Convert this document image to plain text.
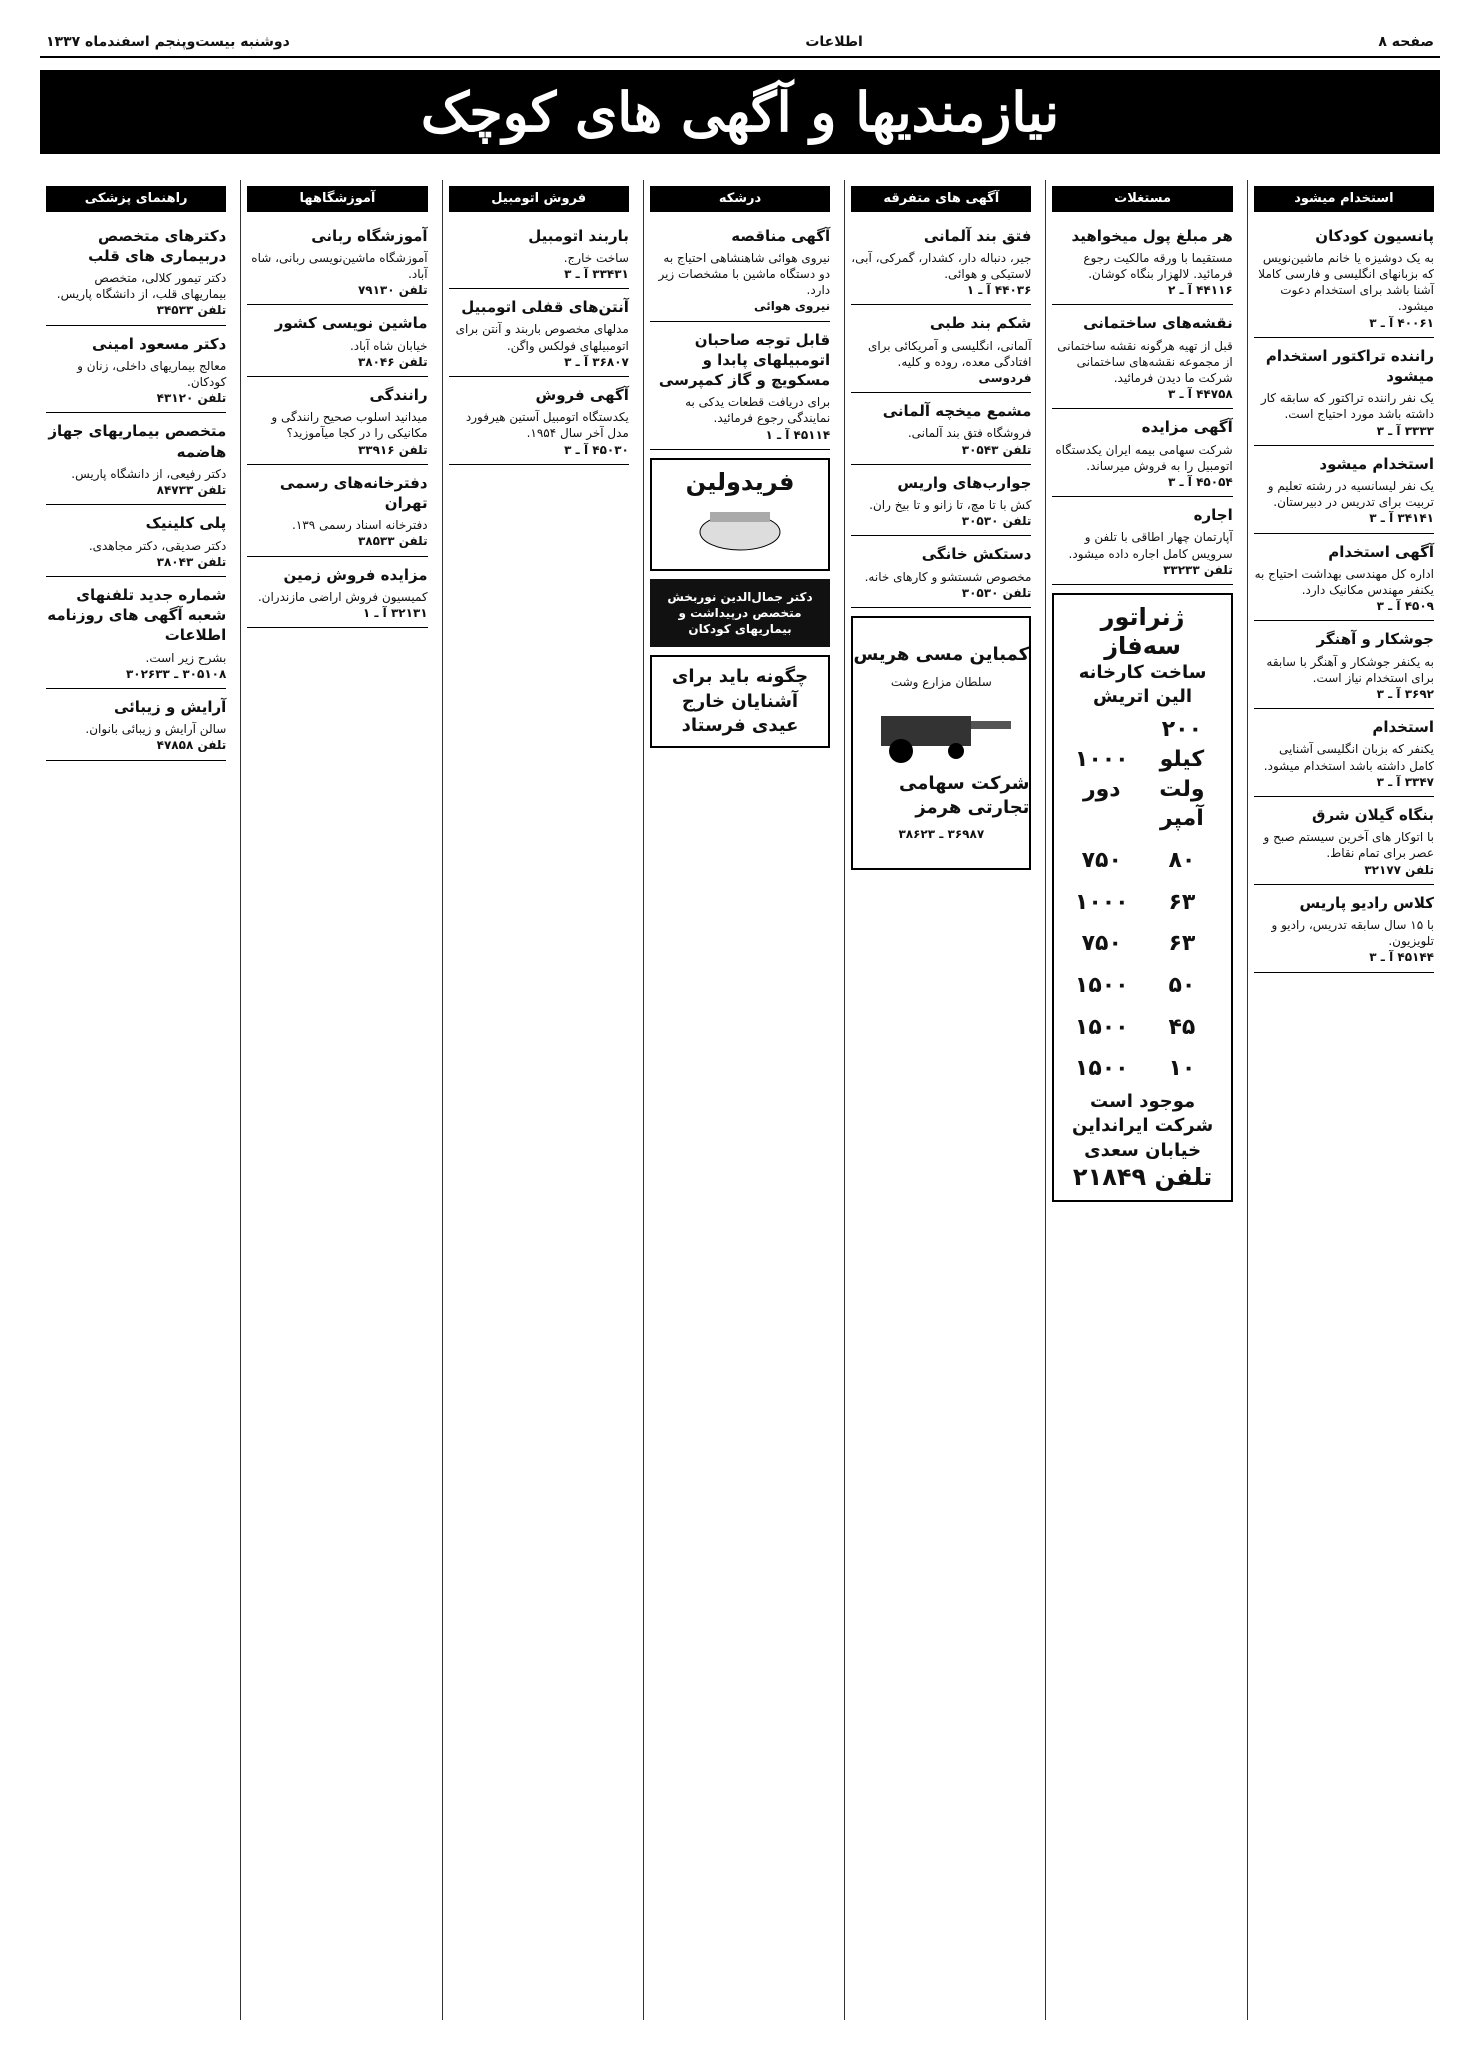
صفحه ۸
اطلاعات
دوشنبه بیست‌وپنجم اسفندماه ۱۳۳۷
نیازمندیها و آگهی های کوچک
استخدام میشود
پانسیون کودکان
به یک دوشیزه یا خانم ماشین‌نویس که بزبانهای انگلیسی و فارسی کاملا آشنا باشد برای استخدام دعوت میشود.
۴۰۰۶۱ آ ـ ۳
راننده تراکتور استخدام میشود
یک نفر راننده تراکتور که سابقه کار داشته باشد مورد احتیاج است.
۳۳۳۳ آ ـ ۳
استخدام میشود
یک نفر لیسانسیه در رشته تعلیم و تربیت برای تدریس در دبیرستان.
۳۴۱۴۱ آ ـ ۳
آگهی استخدام
اداره کل مهندسی بهداشت احتیاج به یکنفر مهندس مکانیک دارد.
۴۵۰۹ آ ـ ۳
جوشکار و آهنگر
به یکنفر جوشکار و آهنگر با سابقه برای استخدام نیاز است.
۳۶۹۲ آ ـ ۳
استخدام
یکنفر که بزبان انگلیسی آشنایی کامل داشته باشد استخدام میشود.
۳۳۴۷ آ ـ ۳
بنگاه گیلان شرق
با اتوکار های آخرین سیستم صبح و عصر برای تمام نقاط.
تلفن ۳۲۱۷۷
کلاس رادیو پاریس
با ۱۵ سال سابقه تدریس، رادیو و تلویزیون.
۴۵۱۴۴ آ ـ ۳
مستغلات
هر مبلغ پول میخواهید
مستقیما با ورقه مالکیت رجوع فرمائید. لالهزار بنگاه کوشان.
۴۴۱۱۶ آ ـ ۲
نقشه‌های ساختمانی
قبل از تهیه هرگونه نقشه ساختمانی از مجموعه نقشه‌های ساختمانی شرکت ما دیدن فرمائید.
۴۴۷۵۸ آ ـ ۳
آگهی مزایده
شرکت سهامی بیمه ایران یکدستگاه اتومبیل را به فروش میرساند.
۴۵۰۵۴ آ ـ ۳
اجاره
آپارتمان چهار اطاقی با تلفن و سرویس کامل اجاره داده میشود.
تلفن ۳۳۲۳۳
ژنراتور سه‌فاز
ساخت کارخانه الین اتریش
۲۰۰ کیلو ولت آمپر	۱۰۰۰ دور
۸۰	۷۵۰
۶۳	۱۰۰۰
۶۳	۷۵۰
۵۰	۱۵۰۰
۴۵	۱۵۰۰
۱۰	۱۵۰۰
موجود است
شرکت ایرانداین خیابان سعدی
تلفن ۲۱۸۴۹
آگهی های متفرقه
فتق بند آلمانی
جیر، دنباله دار، کشدار، گمرکی، آبی، لاستیکی و هوائی.
۴۴۰۳۶ آ ـ ۱
شکم بند طبی
آلمانی، انگلیسی و آمریکائی برای افتادگی معده، روده و کلیه.
فردوسی
مشمع میخچه آلمانی
فروشگاه فتق بند آلمانی.
تلفن ۳۰۵۴۳
جوارب‌های واریس
کش با تا مچ، تا زانو و تا بیخ ران.
تلفن ۳۰۵۳۰
دستکش خانگی
مخصوص شستشو و کارهای خانه.
تلفن ۳۰۵۳۰
کمباین مسی هریس
سلطان مزارع وشت
شرکت سهامی تجارتی هرمز
۳۶۹۸۷ ـ ۳۸۶۲۳
درشکه
آگهی مناقصه
نیروی هوائی شاهنشاهی احتیاج به دو دستگاه ماشین با مشخصات زیر دارد.
نیروی هوائی
قابل توجه صاحبان اتومبیلهای پابدا و مسکویچ و گاز کمپرسی
برای دریافت قطعات یدکی به نمایندگی رجوع فرمائید.
۴۵۱۱۴ آ ـ ۱
فریدولین
دکتر جمال‌الدین نوربخش
متخصص درپیداشت و بیماریهای کودکان
چگونه باید برای آشنایان خارج عیدی فرستاد
فروش اتومبیل
باربند اتومبیل
ساخت خارج.
۳۳۴۳۱ آ ـ ۳
آنتن‌های قفلی اتومبیل
مدلهای مخصوص باربند و آنتن برای اتومبیلهای فولکس واگن.
۳۶۸۰۷ آ ـ ۳
آگهی فروش
یکدستگاه اتومبیل آستین هیرفورد مدل آخر سال ۱۹۵۴.
۴۵۰۳۰ آ ـ ۳
آموزشگاهها
آموزشگاه ربانی
آموزشگاه ماشین‌نویسی ربانی، شاه آباد.
تلفن ۷۹۱۳۰
ماشین نویسی کشور
خیابان شاه آباد.
تلفن ۳۸۰۴۶
رانندگی
میدانید اسلوب صحیح رانندگی و مکانیکی را در کجا میآموزید؟
تلفن ۳۳۹۱۶
دفترخانه‌های رسمی تهران
دفترخانه اسناد رسمی ۱۳۹.
تلفن ۳۸۵۳۳
مزایده فروش زمین
کمیسیون فروش اراضی مازندران.
۳۲۱۳۱ آ ـ ۱
راهنمای پزشکی
دکترهای متخصص دربیماری های قلب
دکتر تیمور کلالی، متخصص بیماریهای قلب، از دانشگاه پاریس.
تلفن ۳۴۵۳۳
دکتر مسعود امینی
معالج بیماریهای داخلی، زنان و کودکان.
تلفن ۴۳۱۲۰
متخصص بیماریهای جهاز هاضمه
دکتر رفیعی، از دانشگاه پاریس.
تلفن ۸۴۷۳۳
پلی کلینیک
دکتر صدیقی، دکتر مجاهدی.
تلفن ۳۸۰۴۳
شماره جدید تلفنهای شعبه آگهی های روزنامه اطلاعات
بشرح زیر است.
۳۰۵۱۰۸ ـ ۳۰۲۶۳۳
آرایش و زیبائی
سالن آرایش و زیبائی بانوان.
تلفن ۴۷۸۵۸
